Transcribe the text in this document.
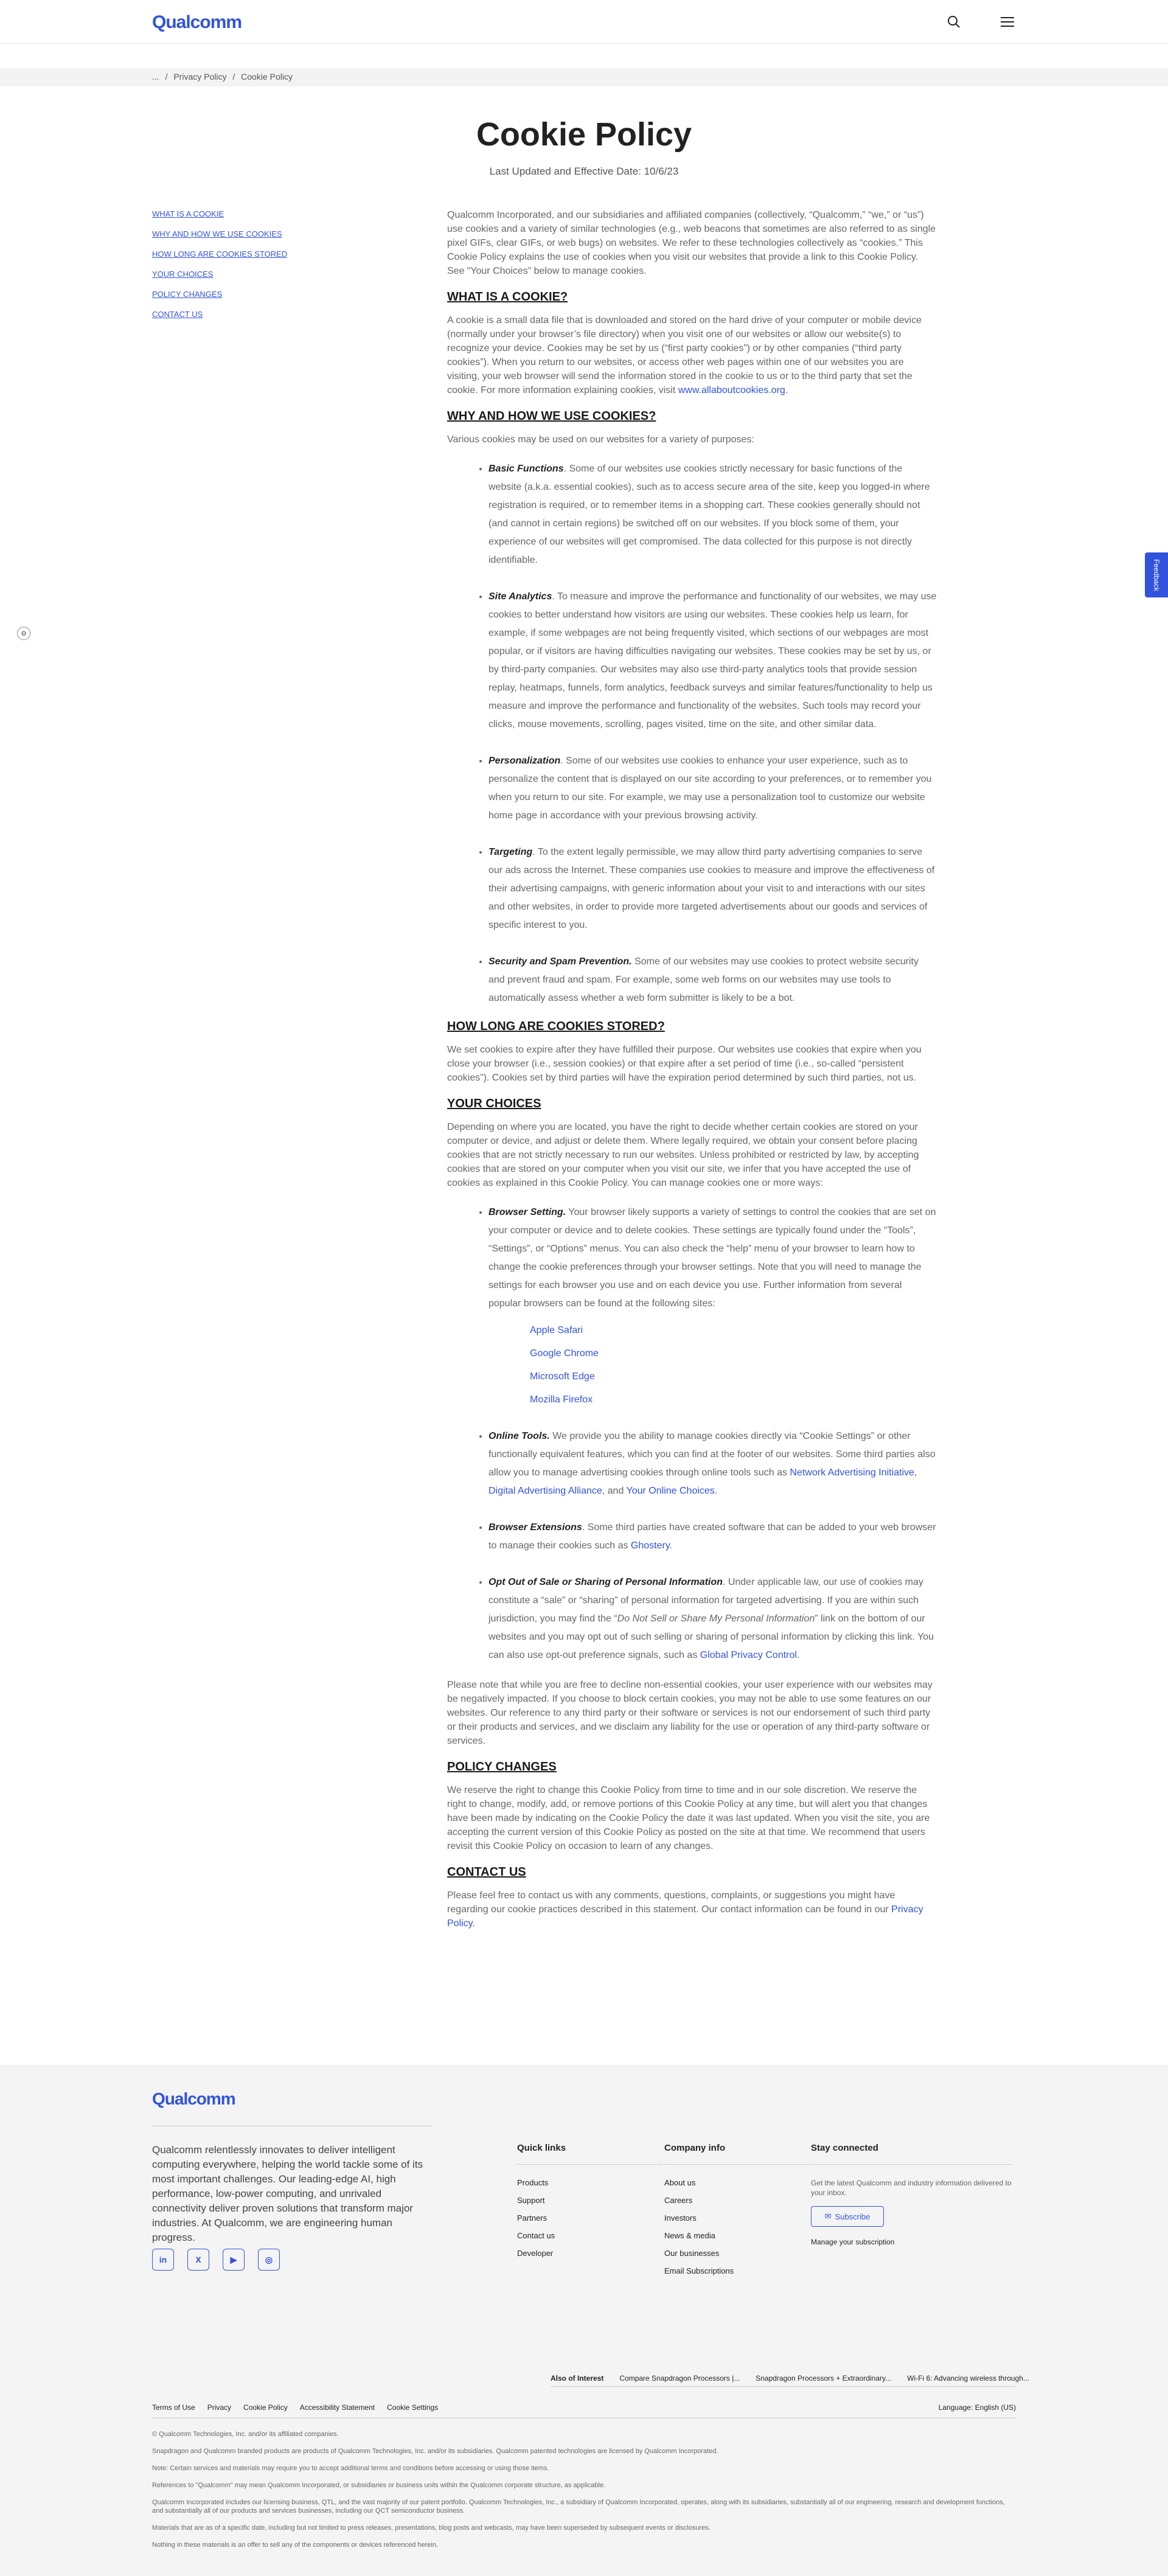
Qualcomm
... / Privacy Policy / Cookie Policy
Cookie Policy
Last Updated and Effective Date: 10/6/23
WHAT IS A COOKIE
WHY AND HOW WE USE COOKIES
HOW LONG ARE COOKIES STORED
YOUR CHOICES
POLICY CHANGES
CONTACT US

Qualcomm Incorporated, and our subsidiaries and affiliated companies (collectively, “Qualcomm,” “we,” or “us”) use cookies and a variety of similar technologies (e.g., web beacons that sometimes are also referred to as single pixel GIFs, clear GIFs, or web bugs) on websites. We refer to these technologies collectively as “cookies.” This Cookie Policy explains the use of cookies when you visit our websites that provide a link to this Cookie Policy. See “Your Choices” below to manage cookies.

WHAT IS A COOKIE?

A cookie is a small data file that is downloaded and stored on the hard drive of your computer or mobile device (normally under your browser’s file directory) when you visit one of our websites or allow our website(s) to recognize your device. Cookies may be set by us (“first party cookies”) or by other companies (“third party cookies”). When you return to our websites, or access other web pages within one of our websites you are visiting, your web browser will send the information stored in the cookie to us or to the third party that set the cookie. For more information explaining cookies, visit www.allaboutcookies.org.

WHY AND HOW WE USE COOKIES?

Various cookies may be used on our websites for a variety of purposes:

• Basic Functions. Some of our websites use cookies strictly necessary for basic functions of the website (a.k.a. essential cookies), such as to access secure area of the site, keep you logged-in where registration is required, or to remember items in a shopping cart. These cookies generally should not (and cannot in certain regions) be switched off on our websites. If you block some of them, your experience of our websites will get compromised. The data collected for this purpose is not directly identifiable.
• Site Analytics. To measure and improve the performance and functionality of our websites, we may use cookies to better understand how visitors are using our websites. These cookies help us learn, for example, if some webpages are not being frequently visited, which sections of our webpages are most popular, or if visitors are having difficulties navigating our websites. These cookies may be set by us, or by third-party companies. Our websites may also use third-party analytics tools that provide session replay, heatmaps, funnels, form analytics, feedback surveys and similar features/functionality to help us measure and improve the performance and functionality of the websites. Such tools may record your clicks, mouse movements, scrolling, pages visited, time on the site, and other similar data.
• Personalization. Some of our websites use cookies to enhance your user experience, such as to personalize the content that is displayed on our site according to your preferences, or to remember you when you return to our site. For example, we may use a personalization tool to customize our website home page in accordance with your previous browsing activity.
• Targeting. To the extent legally permissible, we may allow third party advertising companies to serve our ads across the Internet. These companies use cookies to measure and improve the effectiveness of their advertising campaigns, with generic information about your visit to and interactions with our sites and other websites, in order to provide more targeted advertisements about our goods and services of specific interest to you.
• Security and Spam Prevention. Some of our websites may use cookies to protect website security and prevent fraud and spam. For example, some web forms on our websites may use tools to automatically assess whether a web form submitter is likely to be a bot.
HOW LONG ARE COOKIES STORED?

We set cookies to expire after they have fulfilled their purpose. Our websites use cookies that expire when you close your browser (i.e., session cookies) or that expire after a set period of time (i.e., so-called “persistent cookies”). Cookies set by third parties will have the expiration period determined by such third parties, not us.

YOUR CHOICES

Depending on where you are located, you have the right to decide whether certain cookies are stored on your computer or device, and adjust or delete them. Where legally required, we obtain your consent before placing cookies that are not strictly necessary to run our websites. Unless prohibited or restricted by law, by accepting cookies that are stored on your computer when you visit our site, we infer that you have accepted the use of cookies as explained in this Cookie Policy. You can manage cookies one or more ways:

• Browser Setting. Your browser likely supports a variety of settings to control the cookies that are set on your computer or device and to delete cookies. These settings are typically found under the “Tools”, “Settings”, or “Options” menus. You can also check the “help” menu of your browser to learn how to change the cookie preferences through your browser settings. Note that you will need to manage the settings for each browser you use and on each device you use. Further information from several popular browsers can be found at the following sites:
Apple Safari
Google Chrome
Microsoft Edge
Mozilla Firefox
• Online Tools. We provide you the ability to manage cookies directly via “Cookie Settings” or other functionally equivalent features, which you can find at the footer of our websites. Some third parties also allow you to manage advertising cookies through online tools such as Network Advertising Initiative, Digital Advertising Alliance, and Your Online Choices.
• Browser Extensions. Some third parties have created software that can be added to your web browser to manage their cookies such as Ghostery.
• Opt Out of Sale or Sharing of Personal Information. Under applicable law, our use of cookies may constitute a “sale” or “sharing” of personal information for targeted advertising. If you are within such jurisdiction, you may find the “Do Not Sell or Share My Personal Information” link on the bottom of our websites and you may opt out of such selling or sharing of personal information by clicking this link. You can also use opt-out preference signals, such as Global Privacy Control.

Please note that while you are free to decline non-essential cookies, your user experience with our websites may be negatively impacted. If you choose to block certain cookies, you may not be able to use some features on our websites. Our reference to any third party or their software or services is not our endorsement of such third party or their products and services, and we disclaim any liability for the use or operation of any third-party software or services.

POLICY CHANGES

We reserve the right to change this Cookie Policy from time to time and in our sole discretion. We reserve the right to change, modify, add, or remove portions of this Cookie Policy at any time, but will alert you that changes have been made by indicating on the Cookie Policy the date it was last updated. When you visit the site, you are accepting the current version of this Cookie Policy as posted on the site at that time. We recommend that users revisit this Cookie Policy on occasion to learn of any changes.

CONTACT US

Please feel free to contact us with any comments, questions, complaints, or suggestions you might have regarding our cookie practices described in this statement. Our contact information can be found in our Privacy Policy.

Feedback
⚙
Qualcomm
Qualcomm relentlessly innovates to deliver intelligent computing everywhere, helping the world tackle some of its most important challenges. Our leading-edge AI, high performance, low-power computing, and unrivaled connectivity deliver proven solutions that transform major industries. At Qualcomm, we are engineering human progress.
in	X	▶	◎
Quick links
Products
Support
Partners
Contact us
Developer
Company info
About us
Careers
Investors
News & media
Our businesses
Email Subscriptions
Stay connected
Get the latest Qualcomm and industry information delivered to your inbox.
✉ Subscribe
Manage your subscription
Also of Interest Compare Snapdragon Processors |... Snapdragon Processors + Extraordinary... Wi-Fi 6: Advancing wireless through...
Terms of Use Privacy Cookie Policy Accessibility Statement Cookie Settings	Language: English (US)

© Qualcomm Technologies, Inc. and/or its affiliated companies.

Snapdragon and Qualcomm branded products are products of Qualcomm Technologies, Inc. and/or its subsidiaries. Qualcomm patented technologies are licensed by Qualcomm Incorporated.

Note: Certain services and materials may require you to accept additional terms and conditions before accessing or using those items.

References to "Qualcomm" may mean Qualcomm Incorporated, or subsidiaries or business units within the Qualcomm corporate structure, as applicable.

Qualcomm Incorporated includes our licensing business, QTL, and the vast majority of our patent portfolio. Qualcomm Technologies, Inc., a subsidiary of Qualcomm Incorporated, operates, along with its subsidiaries, substantially all of our engineering, research and development functions, and substantially all of our products and services businesses, including our QCT semiconductor business.

Materials that are as of a specific date, including but not limited to press releases, presentations, blog posts and webcasts, may have been superseded by subsequent events or disclosures.

Nothing in these materials is an offer to sell any of the components or devices referenced herein.
